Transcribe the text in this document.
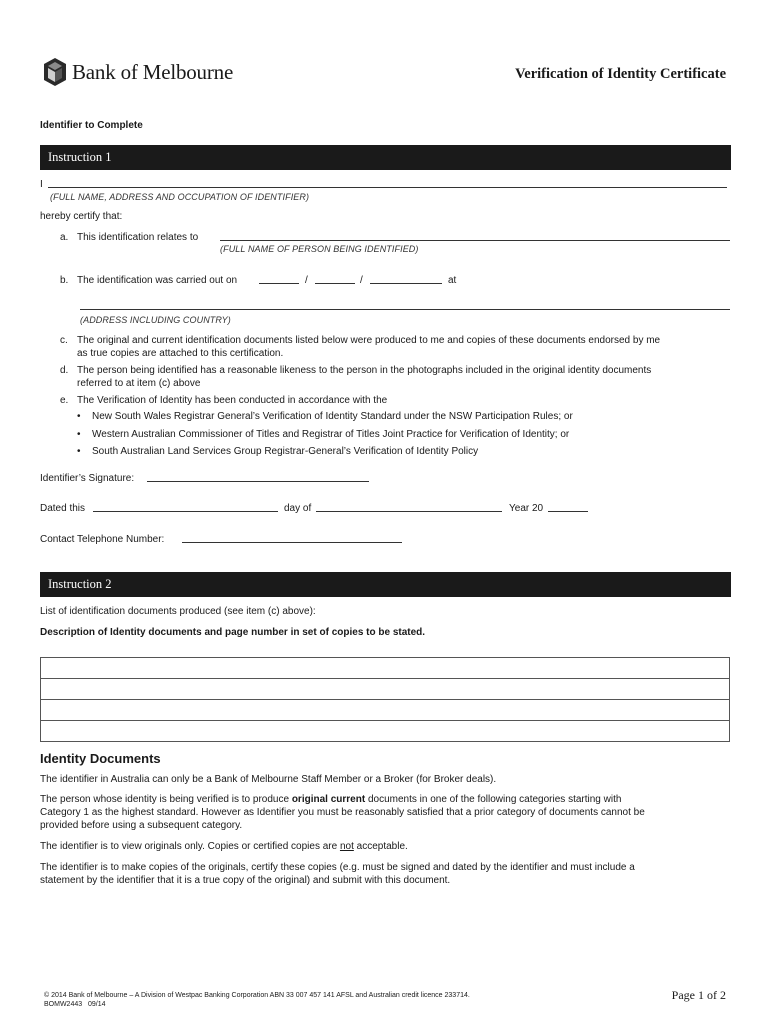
Bank of Melbourne	Verification of Identity Certificate
Identifier to Complete
Instruction 1
I
(FULL NAME, ADDRESS AND OCCUPATION OF IDENTIFIER)
hereby certify that:
a. This identification relates to
(FULL NAME OF PERSON BEING IDENTIFIED)
b. The identification was carried out on	/	/	at
(ADDRESS INCLUDING COUNTRY)
c. The original and current identification documents listed below were produced to me and copies of these documents endorsed by me
as true copies are attached to this certification.
d. The person being identified has a reasonable likeness to the person in the photographs included in the original identity documents
referred to at item (c) above
e. The Verification of Identity has been conducted in accordance with the
• New South Wales Registrar General’s Verification of Identity Standard under the NSW Participation Rules; or
• Western Australian Commissioner of Titles and Registrar of Titles Joint Practice for Verification of Identity; or
• South Australian Land Services Group Registrar-General’s Verification of Identity Policy
Identifier’s Signature:
Dated this	day of	Year 20
Contact Telephone Number:
Instruction 2
List of identification documents produced (see item (c) above):
Description of Identity documents and page number in set of copies to be stated.
Identity Documents
The identifier in Australia can only be a Bank of Melbourne Staff Member or a Broker (for Broker deals).
The person whose identity is being verified is to produce original current documents in one of the following categories starting with
Category 1 as the highest standard. However as Identifier you must be reasonably satisfied that a prior category of documents cannot be
provided before using a subsequent category.
The identifier is to view originals only. Copies or certified copies are not acceptable.
The identifier is to make copies of the originals, certify these copies (e.g. must be signed and dated by the identifier and must include a
statement by the identifier that it is a true copy of the original) and submit with this document.
© 2014 Bank of Melbourne – A Division of Westpac Banking Corporation ABN 33 007 457 141 AFSL and Australian credit licence 233714.
BOMW2443   09/14
Page 1 of 2
